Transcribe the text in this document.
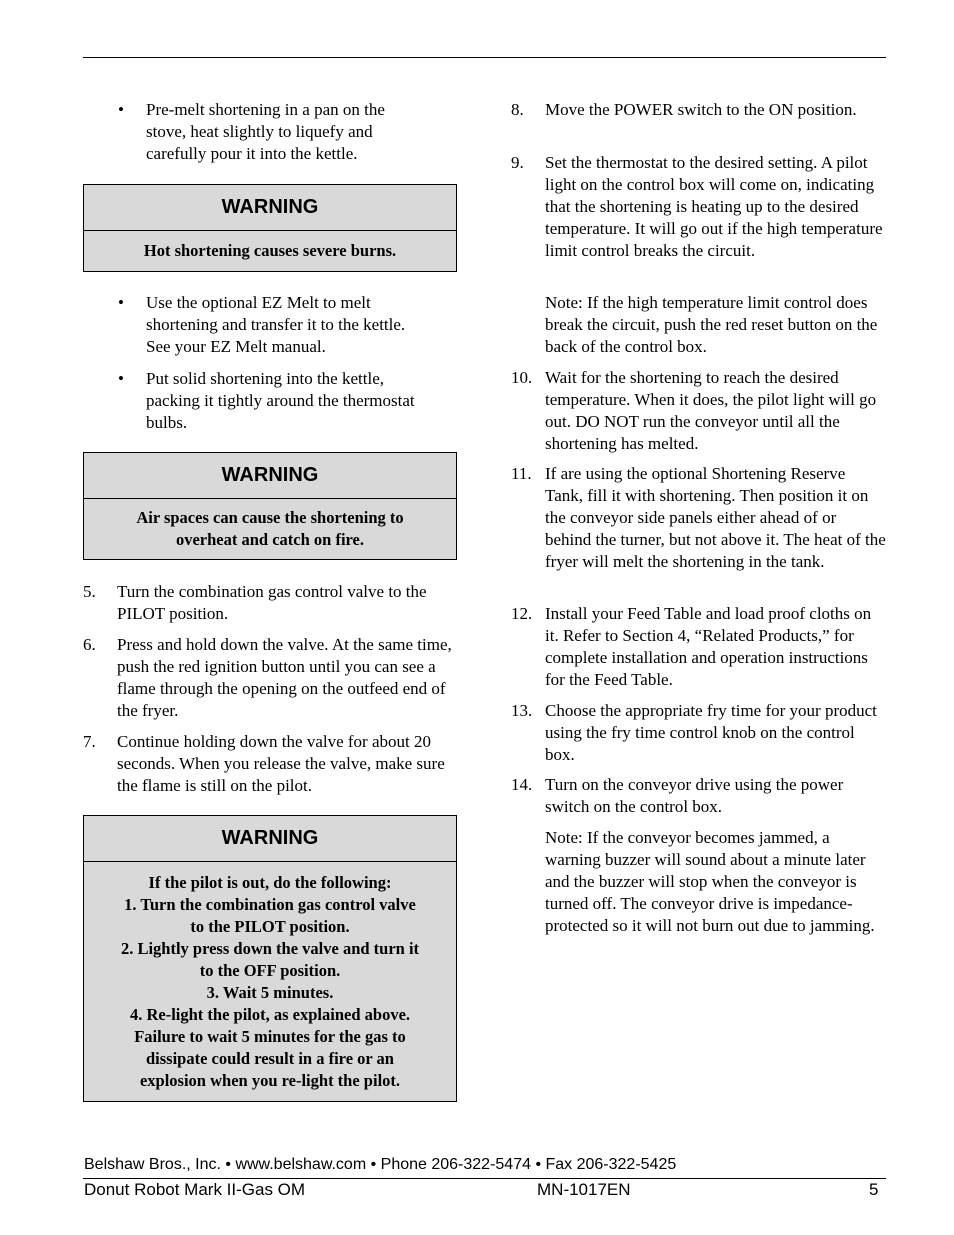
• Pre-melt shortening in a pan on the stove, heat slightly to liquefy and carefully pour it into the kettle.
WARNING
Hot shortening causes severe burns.
• Use the optional EZ Melt to melt shortening and transfer it to the kettle. See your EZ Melt manual.
• Put solid shortening into the kettle, packing it tightly around the thermostat bulbs.
WARNING
Air spaces can cause the shortening to
overheat and catch on fire.
5. Turn the combination gas control valve to the PILOT position.
6. Press and hold down the valve. At the same time, push the red ignition button until you can see a flame through the opening on the outfeed end of the fryer.
7. Continue holding down the valve for about 20 seconds. When you release the valve, make sure the flame is still on the pilot.
WARNING
If the pilot is out, do the following:
1. Turn the combination gas control valve
to the PILOT position.
2. Lightly press down the valve and turn it
to the OFF position.
3. Wait 5 minutes.
4. Re-light the pilot, as explained above.
Failure to wait 5 minutes for the gas to
dissipate could result in a fire or an
explosion when you re-light the pilot.
8. Move the POWER switch to the ON position.
9. Set the thermostat to the desired setting. A pilot light on the control box will come on, indicating that the shortening is heating up to the desired temperature. It will go out if the high temperature limit control breaks the circuit.
Note: If the high temperature limit control does break the circuit, push the red reset button on the back of the control box.
10. Wait for the shortening to reach the desired temperature. When it does, the pilot light will go out. DO NOT run the conveyor until all the shortening has melted.
11. If are using the optional Shortening Reserve Tank, fill it with shortening. Then position it on the conveyor side panels either ahead of or behind the turner, but not above it. The heat of the fryer will melt the shortening in the tank.
12. Install your Feed Table and load proof cloths on it. Refer to Section 4, “Related Products,” for complete installation and operation instructions for the Feed Table.
13. Choose the appropriate fry time for your product using the fry time control knob on the control box.
14. Turn on the conveyor drive using the power switch on the control box.
Note: If the conveyor becomes jammed, a warning buzzer will sound about a minute later and the buzzer will stop when the conveyor is turned off. The conveyor drive is impedance-protected so it will not burn out due to jamming.
Belshaw Bros., Inc. • www.belshaw.com • Phone 206-322-5474 • Fax 206-322-5425
Donut Robot Mark II-Gas OM	MN-1017EN	5
